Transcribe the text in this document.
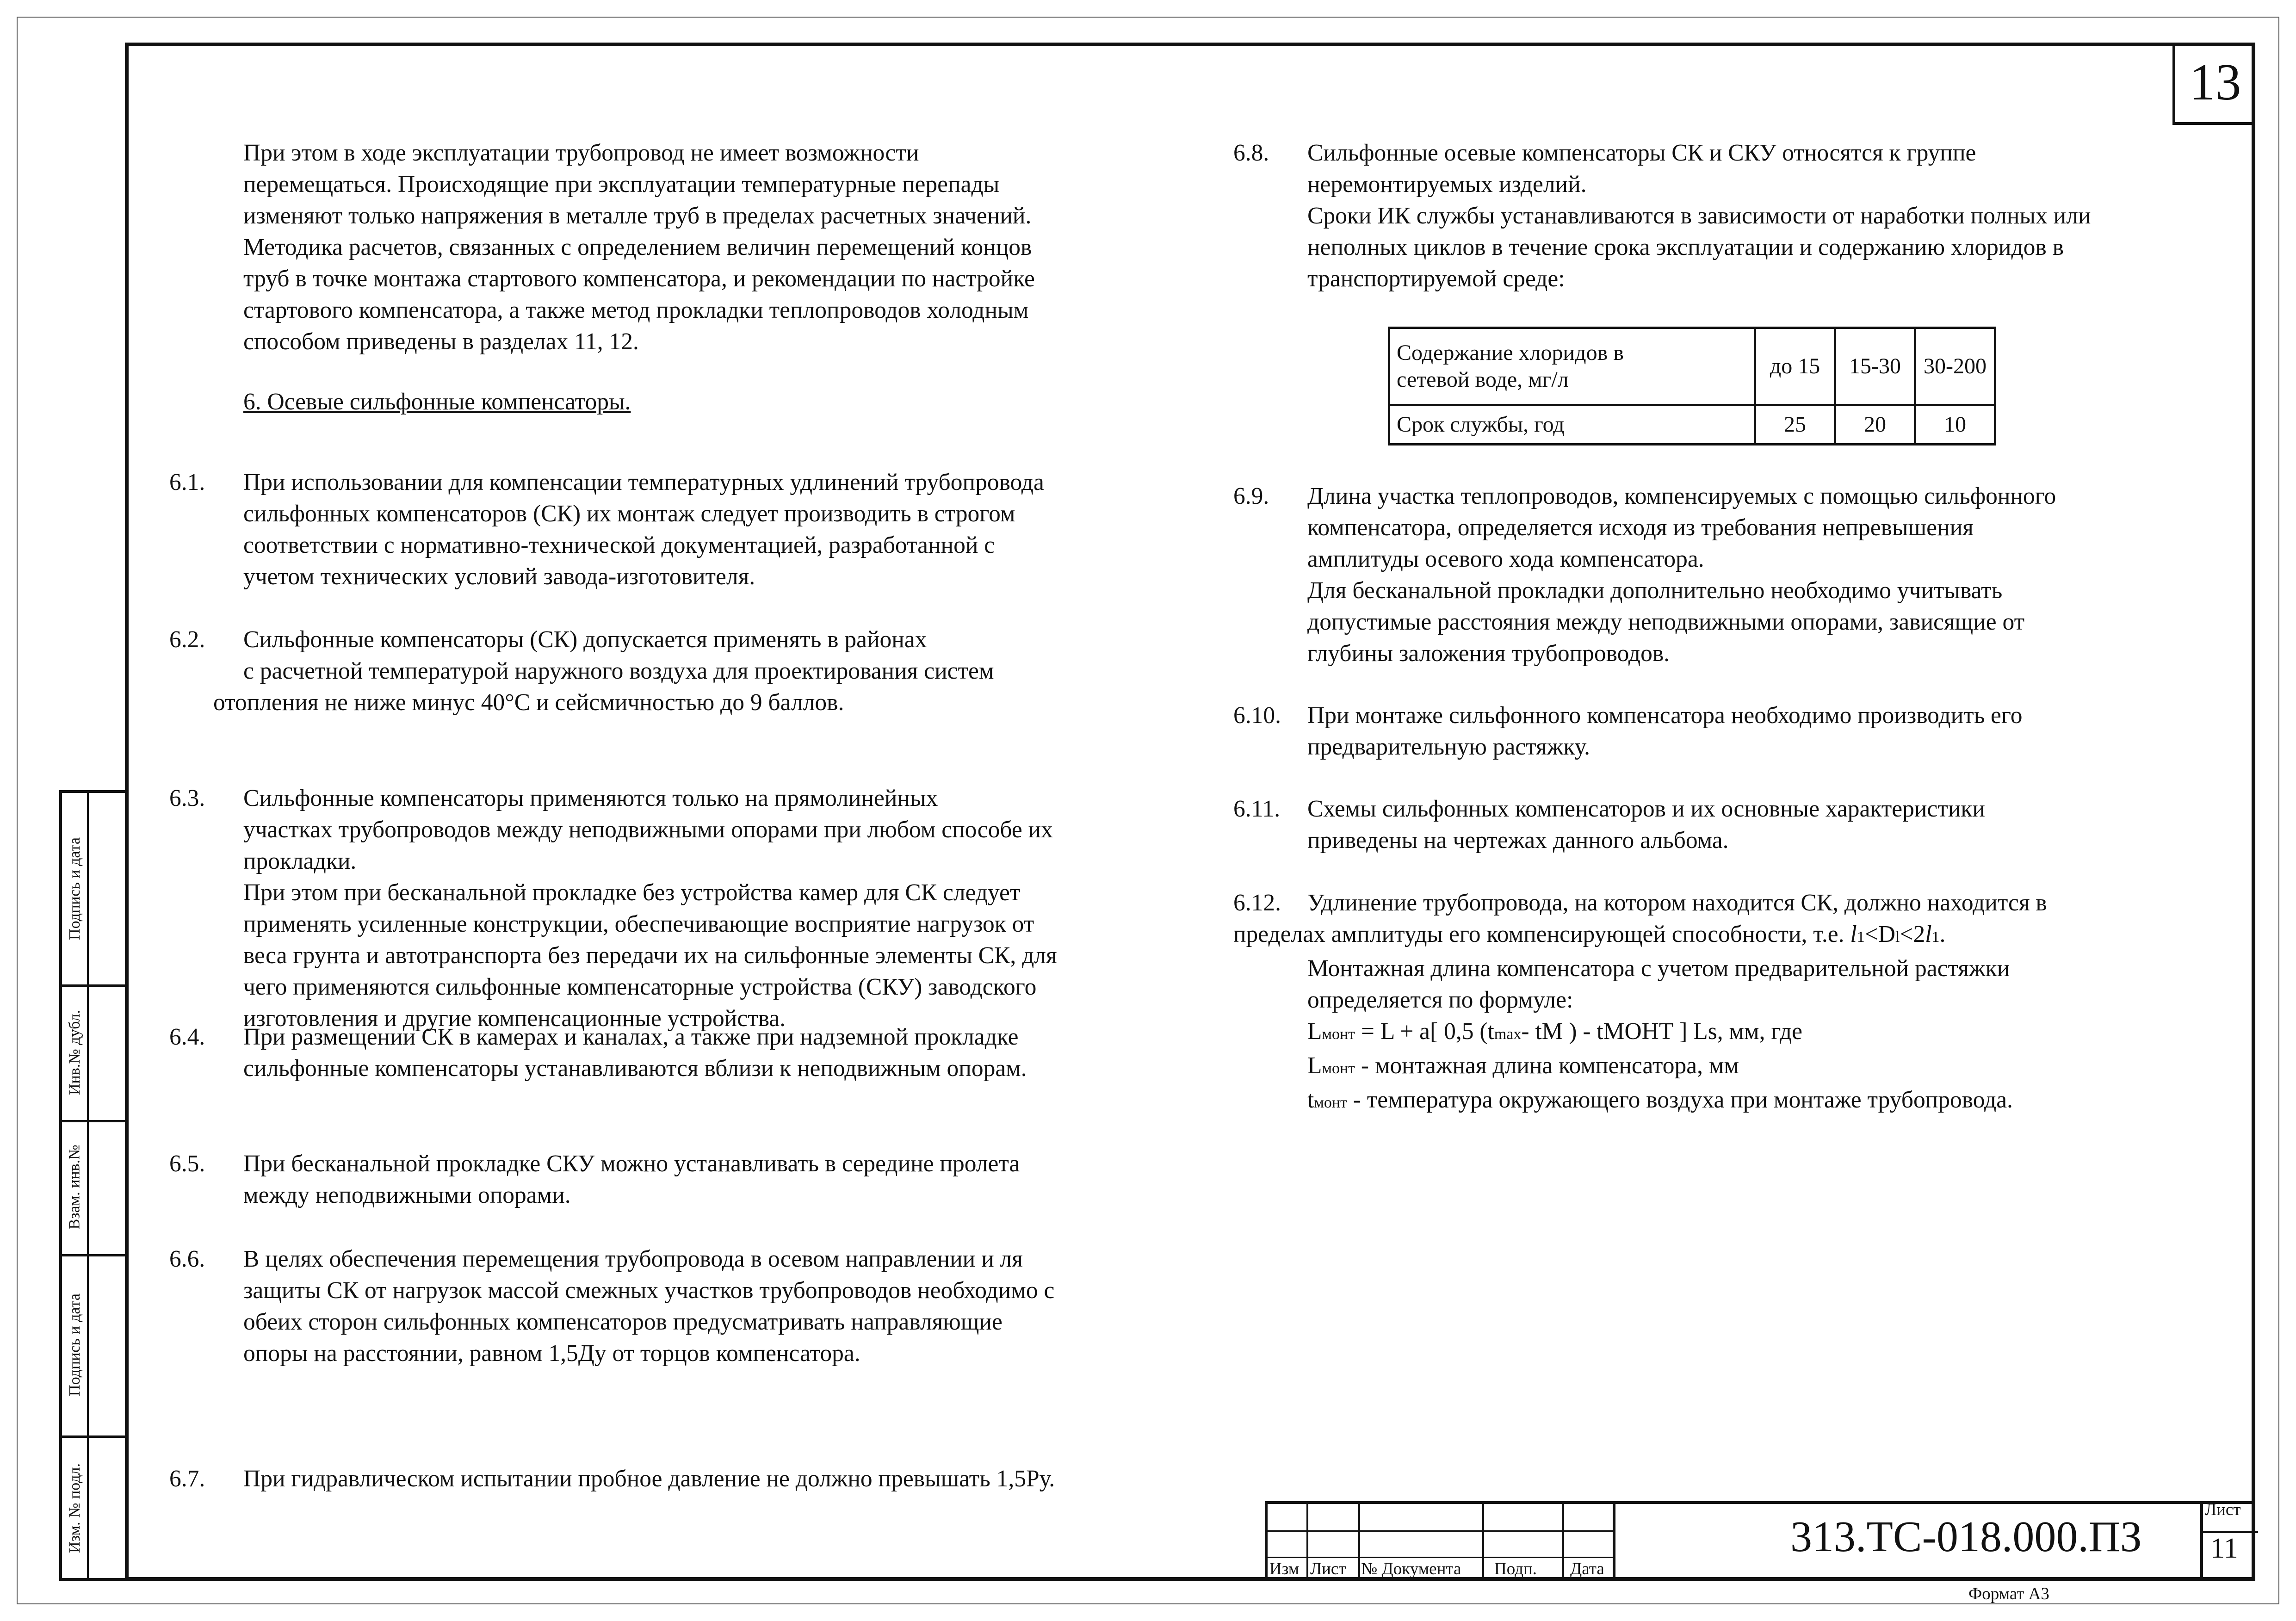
13

При этом в ходе эксплуатации трубопровод не имеет возможности

перемещаться. Происходящие при эксплуатации температурные перепады

изменяют только напряжения в металле труб в пределах расчетных значений.

Методика расчетов, связанных с определением величин перемещений концов

труб в точке монтажа стартового компенсатора, и рекомендации по настройке

стартового компенсатора, а также метод прокладки теплопроводов холодным

способом приведены в разделах 11, 12.

6. Осевые сильфонные компенсаторы.
6.1.	При использовании для компенсации температурных удлинений трубопровода

сильфонных компенсаторов (СК) их монтаж следует производить в строгом

соответствии с нормативно-технической документацией, разработанной с

учетом технических условий завода-изготовителя.

6.2.	Сильфонные компенсаторы (СК) допускается применять в районах

с расчетной температурой наружного воздуха для проектирования систем

отопления не ниже минус 40°С и сейсмичностью до 9 баллов.

6.3.	Сильфонные компенсаторы применяются только на прямолинейных

участках трубопроводов между неподвижными опорами при любом способе их

прокладки.

При этом при бесканальной прокладке без устройства камер для СК следует

применять усиленные конструкции, обеспечивающие восприятие нагрузок от

веса грунта и автотранспорта без передачи их на сильфонные элементы СК, для

чего применяются сильфонные компенсаторные устройства (СКУ) заводского

изготовления и другие компенсационные устройства.

6.4.	При размещении СК в камерах и каналах, а также при надземной прокладке

сильфонные компенсаторы устанавливаются вблизи к неподвижным опорам.

6.5.	При бесканальной прокладке СКУ можно устанавливать в середине пролета

между неподвижными опорами.

6.6.	В целях обеспечения перемещения трубопровода в осевом направлении и ля

защиты СК от нагрузок массой смежных участков трубопроводов необходимо с

обеих сторон сильфонных компенсаторов предусматривать направляющие

опоры на расстоянии, равном 1,5Ду от торцов компенсатора.

6.7.	При гидравлическом испытании пробное давление не должно превышать 1,5Ру.

6.8.	Сильфонные осевые компенсаторы СК и СКУ относятся к группе

неремонтируемых изделий.

Сроки ИК службы устанавливаются в зависимости от наработки полных или

неполных циклов в течение срока эксплуатации и содержанию хлоридов в

транспортируемой среде:

Содержание хлоридов в
сетевой воде, мг/л	до 15	15-30	30-200
Срок службы, год	25	20	10
6.9.	Длина участка теплопроводов, компенсируемых с помощью сильфонного

компенсатора, определяется исходя из требования непревышения

амплитуды осевого хода компенсатора.

Для бесканальной прокладки дополнительно необходимо учитывать

допустимые расстояния между неподвижными опорами, зависящие от

глубины заложения трубопроводов.

6.10.	При монтаже сильфонного компенсатора необходимо производить его

предварительную растяжку.

6.11.	Схемы сильфонных компенсаторов и их основные характеристики

приведены на чертежах данного альбома.

6.12.	Удлинение трубопровода, на котором находится СК, должно находится в

пределах амплитуды его компенсирующей способности, т.е. l1<Dl<2l1.

Монтажная длина компенсатора с учетом предварительной растяжки

определяется по формуле:

Lмонт = L + a[ 0,5 (tmax- tM ) - tМОНТ ] Ls, мм, где

Lмонт - монтажная длина компенсатора, мм

tмонт - температура окружающего воздуха при монтаже трубопровода.

Подпись и дата
Инв.№ дубл.
Взам. инв.№
Подпись и дата
Изм. № подл.
Изм Лист № Документа Подп. Дата
313.ТС-018.000.ПЗ
Лист
11
Формат А3
